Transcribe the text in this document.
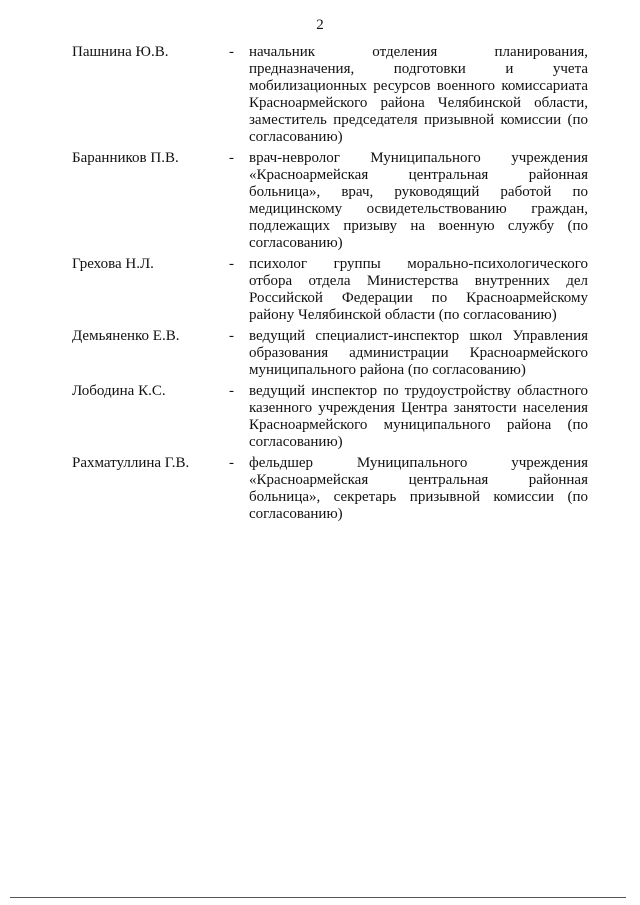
2
Пашнина Ю.В.	- начальник отделения планирования, предназначения, подготовки и учета мобилизационных ресурсов военного комиссариата Красноармейского района Челябинской области, заместитель председателя призывной комиссии (по согласованию)
Баранников П.В.	- врач-невролог Муниципального учреждения «Красноармейская центральная районная больница», врач, руководящий работой по медицинскому освидетельствованию граждан, подлежащих призыву на военную службу (по согласованию)
Грехова Н.Л.	- психолог группы морально-психологического отбора отдела Министерства внутренних дел Российской Федерации по Красноармейскому району Челябинской области (по согласованию)
Демьяненко Е.В.	- ведущий специалист-инспектор школ Управления образования администрации Красноармейского муниципального района (по согласованию)
Лободина К.С.	- ведущий инспектор по трудоустройству областного казенного учреждения Центра занятости населения Красноармейского муниципального района (по согласованию)
Рахматуллина Г.В.	- фельдшер Муниципального учреждения «Красноармейская центральная районная больница», секретарь призывной комиссии (по согласованию)
